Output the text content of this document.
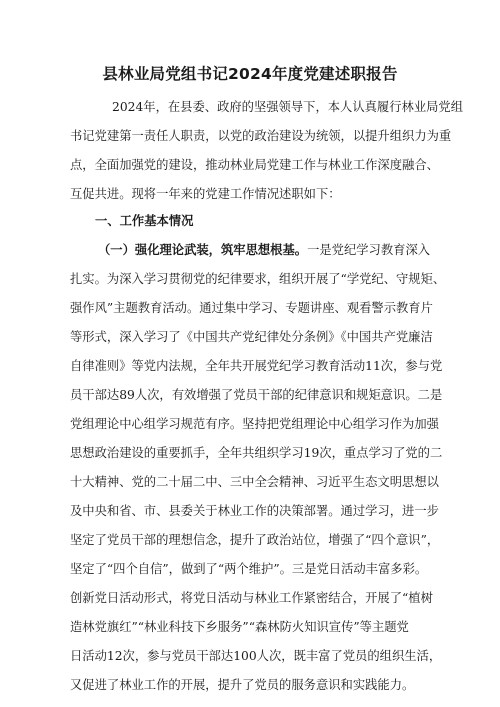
县林业局党组书记2024年度党建述职报告
2024年，在县委、政府的坚强领导下，本人认真履行林业局党组
书记党建第一责任人职责，以党的政治建设为统领，以提升组织力为重
点，全面加强党的建设，推动林业局党建工作与林业工作深度融合、
互促共进。现将一年来的党建工作情况述职如下：
一、工作基本情况
（一）强化理论武装，筑牢思想根基。一是党纪学习教育深入
扎实。为深入学习贯彻党的纪律要求，组织开展了“学党纪、守规矩、
强作风”主题教育活动。通过集中学习、专题讲座、观看警示教育片
等形式，深入学习了《中国共产党纪律处分条例》《中国共产党廉洁
自律准则》等党内法规，全年共开展党纪学习教育活动11次，参与党
员干部达89人次，有效增强了党员干部的纪律意识和规矩意识。二是
党组理论中心组学习规范有序。坚持把党组理论中心组学习作为加强
思想政治建设的重要抓手，全年共组织学习19次，重点学习了党的二
十大精神、党的二十届二中、三中全会精神、习近平生态文明思想以
及中央和省、市、县委关于林业工作的决策部署。通过学习，进一步
坚定了党员干部的理想信念，提升了政治站位，增强了“四个意识”，
坚定了“四个自信”，做到了“两个维护”。三是党日活动丰富多彩。
创新党日活动形式，将党日活动与林业工作紧密结合，开展了“植树
造林党旗红”“林业科技下乡服务”“森林防火知识宣传”等主题党
日活动12次，参与党员干部达100人次，既丰富了党员的组织生活，
又促进了林业工作的开展，提升了党员的服务意识和实践能力。
